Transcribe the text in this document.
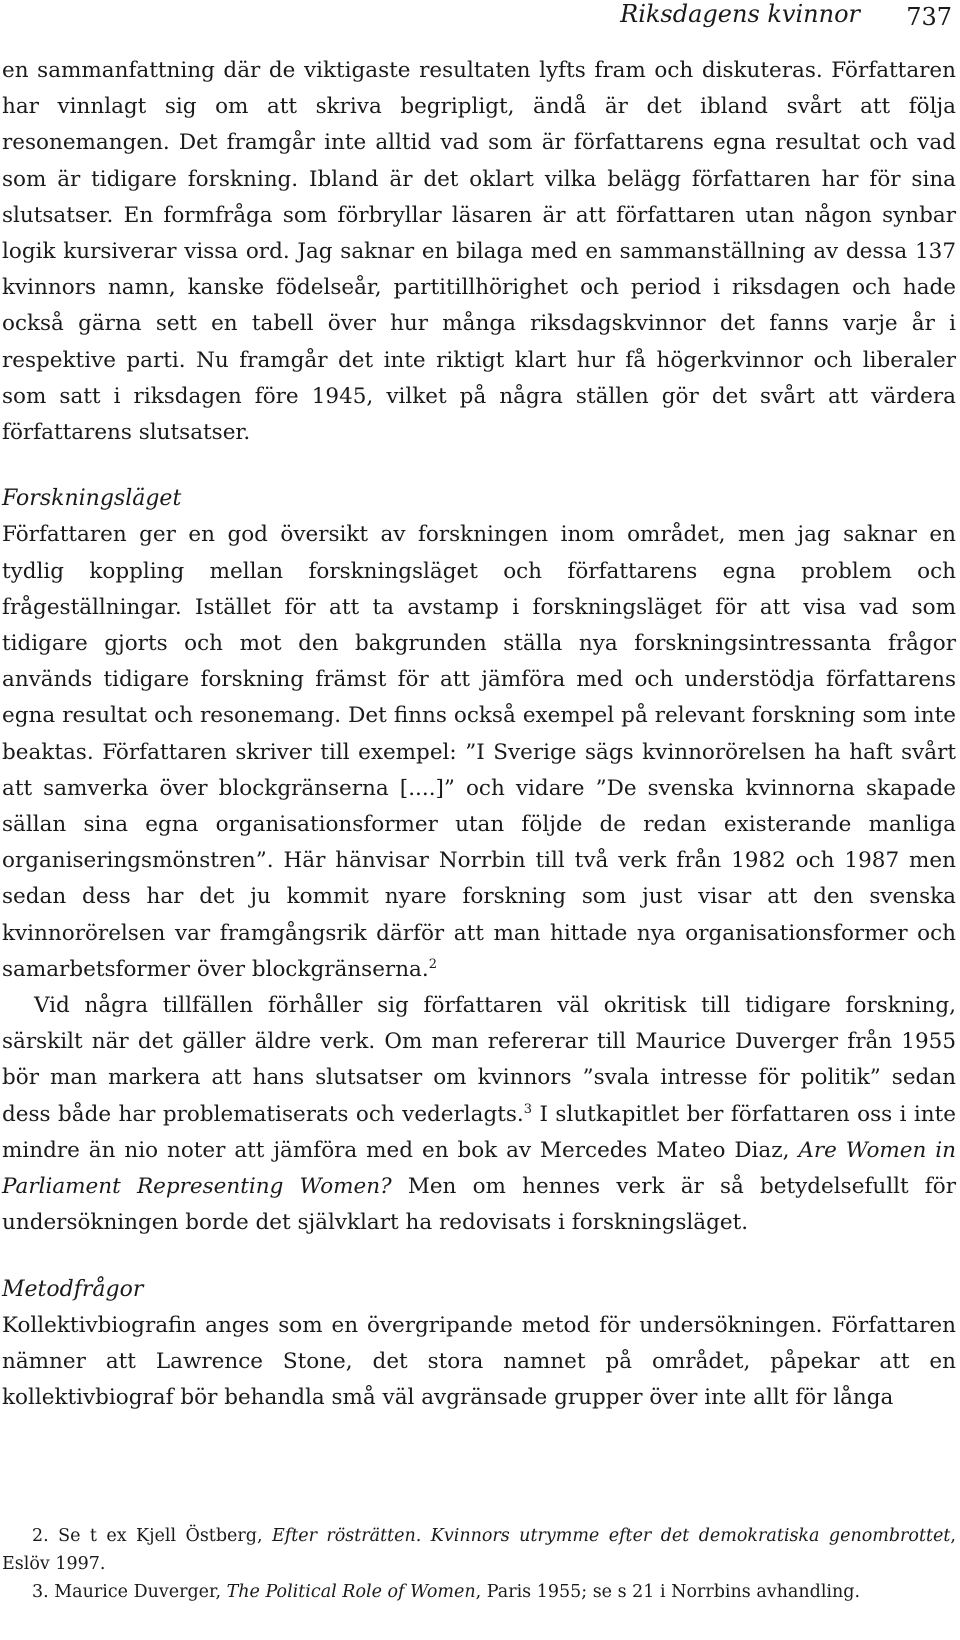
Riksdagens kvinnor 737

en sammanfattning där de viktigaste resultaten lyfts fram och diskuteras. Författaren har vinnlagt sig om att skriva begripligt, ändå är det ibland svårt att följa resonemangen. Det framgår inte alltid vad som är författarens egna resultat och vad som är tidigare forskning. Ibland är det oklart vilka belägg författaren har för sina slutsatser. En formfråga som förbryllar läsaren är att författaren utan någon synbar logik kursiverar vissa ord. Jag saknar en bilaga med en sammanställning av dessa 137 kvinnors namn, kanske födelseår, partitillhörighet och period i riksdagen och hade också gärna sett en tabell över hur många riksdagskvinnor det fanns varje år i respektive parti. Nu framgår det inte riktigt klart hur få högerkvinnor och liberaler som satt i riksdagen före 1945, vilket på några ställen gör det svårt att värdera författarens slutsatser.

Forskningsläget

Författaren ger en god översikt av forskningen inom området, men jag saknar en tydlig koppling mellan forskningsläget och författarens egna problem och frågeställningar. Istället för att ta avstamp i forskningsläget för att visa vad som tidigare gjorts och mot den bakgrunden ställa nya forskningsintressanta frågor används tidigare forskning främst för att jämföra med och understödja författarens egna resultat och resonemang. Det finns också exempel på relevant forskning som inte beaktas. Författaren skriver till exempel: ”I Sverige sägs kvinnorörelsen ha haft svårt att samverka över blockgränserna [....]” och vidare ”De svenska kvinnorna skapade sällan sina egna organisationsformer utan följde de redan existerande manliga organiseringsmönstren”. Här hänvisar Norrbin till två verk från 1982 och 1987 men sedan dess har det ju kommit nyare forskning som just visar att den svenska kvinnorörelsen var framgångsrik därför att man hittade nya organisationsformer och samarbetsformer över blockgränserna.$^2$

Vid några tillfällen förhåller sig författaren väl okritisk till tidigare forskning, särskilt när det gäller äldre verk. Om man refererar till Maurice Duverger från 1955 bör man markera att hans slutsatser om kvinnors ”svala intresse för politik” sedan dess både har problematiserats och vederlagts.$^3$ I slutkapitlet ber författaren oss i inte mindre än nio noter att jämföra med en bok av Mercedes Mateo Diaz, Are Women in Parliament Representing Women? Men om hennes verk är så betydelsefullt för undersökningen borde det självklart ha redovisats i forskningsläget.

Metodfrågor

Kollektivbiografin anges som en övergripande metod för undersökningen. Författaren nämner att Lawrence Stone, det stora namnet på området, påpekar att en kollektivbiograf bör behandla små väl avgränsade grupper över inte allt för långa

2. Se t ex Kjell Östberg, Efter rösträtten. Kvinnors utrymme efter det demokratiska genombrottet, Eslöv 1997.

3. Maurice Duverger, The Political Role of Women, Paris 1955; se s 21 i Norrbins avhandling.
